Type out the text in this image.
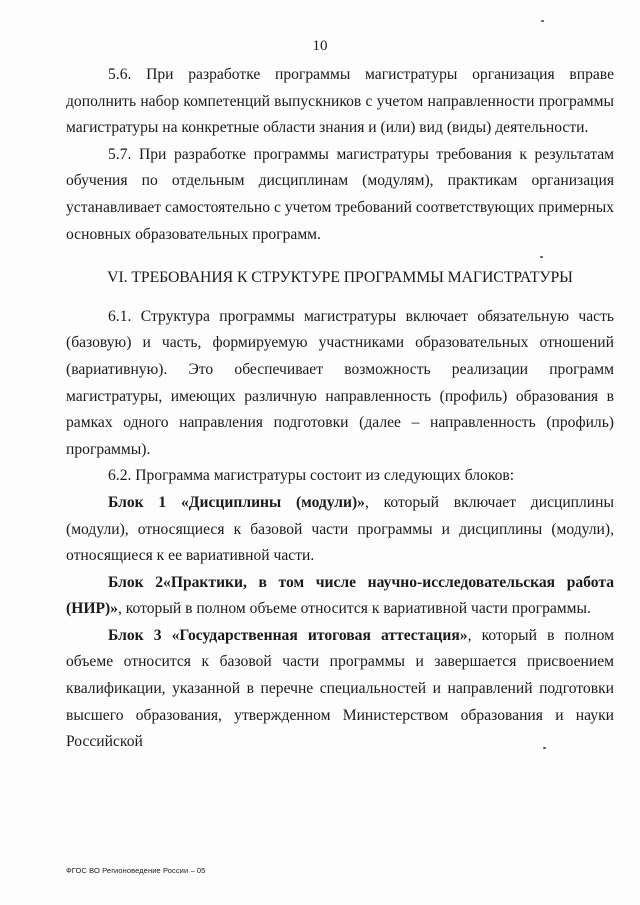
10

5.6. При разработке программы магистратуры организация вправе дополнить набор компетенций выпускников с учетом направленности программы магистратуры на конкретные области знания и (или) вид (виды) деятельности.

5.7. При разработке программы магистратуры требования к результатам обучения по отдельным дисциплинам (модулям), практикам организация устанавливает самостоятельно с учетом требований соответствующих примерных основных образовательных программ.

VI. ТРЕБОВАНИЯ К СТРУКТУРЕ ПРОГРАММЫ МАГИСТРАТУРЫ

6.1. Структура программы магистратуры включает обязательную часть (базовую) и часть, формируемую участниками образовательных отношений (вариативную). Это обеспечивает возможность реализации программ магистратуры, имеющих различную направленность (профиль) образования в рамках одного направления подготовки (далее – направленность (профиль) программы).

6.2. Программа магистратуры состоит из следующих блоков:

Блок 1 «Дисциплины (модули)», который включает дисциплины (модули), относящиеся к базовой части программы и дисциплины (модули), относящиеся к ее вариативной части.

Блок 2«Практики, в том числе научно-исследовательская работа (НИР)», который в полном объеме относится к вариативной части программы.

Блок 3 «Государственная итоговая аттестация», который в полном объеме относится к базовой части программы и завершается присвоением квалификации, указанной в перечне специальностей и направлений подготовки высшего образования, утвержденном Министерством образования и науки Российской

ФГОС ВО Регионоведение России – 05
